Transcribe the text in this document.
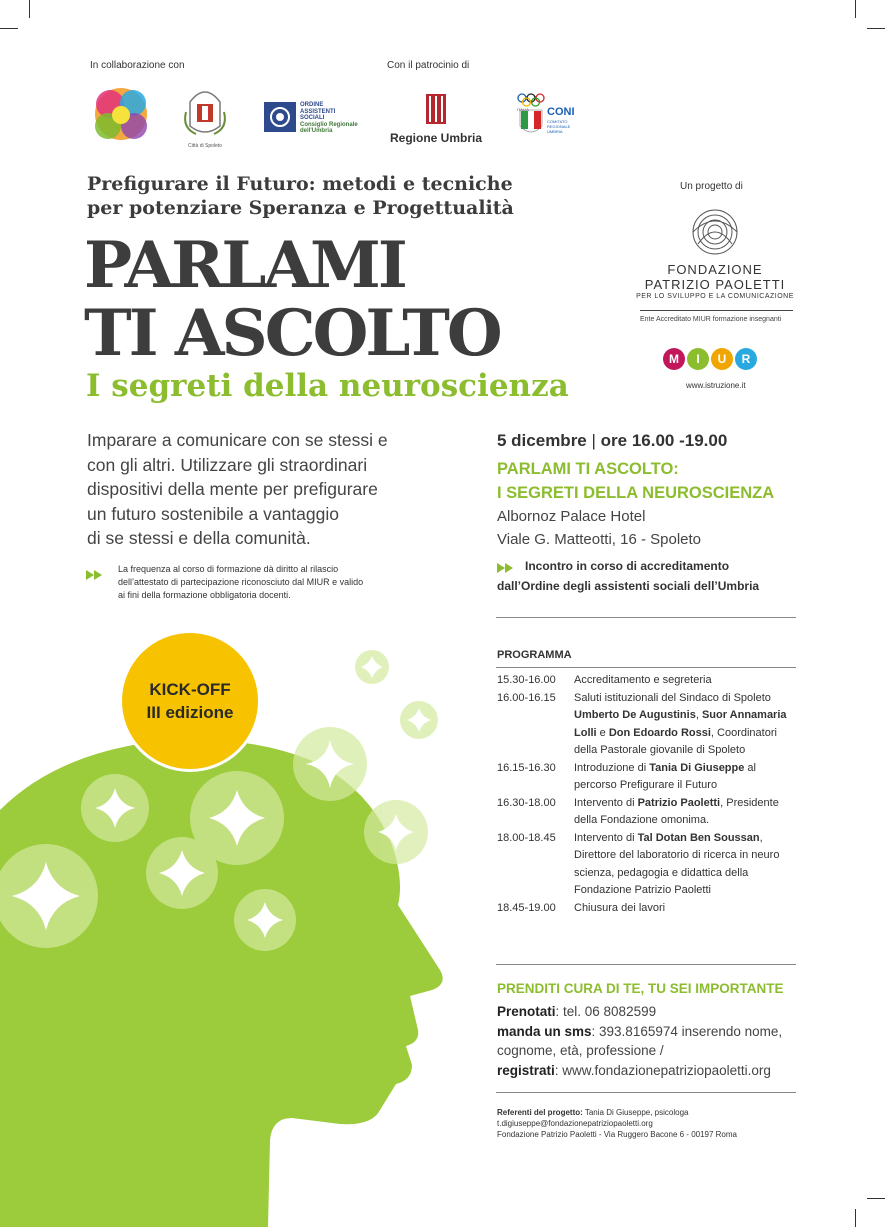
In collaborazione con	Con il patrocinio di
Città di Spoleto
ORDINE
ASSISTENTI
SOCIALI
Consiglio Regionale
dell'Umbria	Regione Umbria
ITALIA CONI
COMITATO REGIONALE UMBRIA
Prefigurare il Futuro: metodi e tecniche
per potenziare Speranza e Progettualità
PARLAMI
TI ASCOLTO
I segreti della neuroscienza
Un progetto di
FONDAZIONE
PATRIZIO PAOLETTI
PER LO SVILUPPO E LA COMUNICAZIONE
Ente Accreditato MIUR formazione insegnanti
M	I	U	R
www.istruzione.it
Imparare a comunicare con se stessi e
con gli altri. Utilizzare gli straordinari
dispositivi della mente per prefigurare
un futuro sostenibile a vantaggio
di se stessi e della comunità.
La frequenza al corso di formazione dà diritto al rilascio
dell’attestato di partecipazione riconosciuto dal MIUR e valido
ai fini della formazione obbligatoria docenti.
5 dicembre | ore 16.00 -19.00
PARLAMI TI ASCOLTO:
I SEGRETI DELLA NEUROSCIENZA
Albornoz Palace Hotel
Viale G. Matteotti, 16 - Spoleto
Incontro in corso di accreditamento
dall’Ordine degli assistenti sociali dell’Umbria
KICK-OFF
III edizione
PROGRAMMA
15.30-16.00	Accreditamento e segreteria
16.00-16.15	Saluti istituzionali del Sindaco di Spoleto Umberto De Augustinis, Suor Annamaria Lolli e Don Edoardo Rossi, Coordinatori della Pastorale giovanile di Spoleto
16.15-16.30	Introduzione di Tania Di Giuseppe al percorso Prefigurare il Futuro
16.30-18.00	Intervento di Patrizio Paoletti, Presidente della Fondazione omonima.
18.00-18.45	Intervento di Tal Dotan Ben Soussan, Direttore del laboratorio di ricerca in neuro scienza, pedagogia e didattica della Fondazione Patrizio Paoletti
18.45-19.00	Chiusura dei lavori
PRENDITI CURA DI TE, TU SEI IMPORTANTE
Prenotati: tel. 06 8082599
manda un sms: 393.8165974 inserendo nome,
cognome, età, professione /
registrati: www.fondazionepatriziopaoletti.org
Referenti del progetto: Tania Di Giuseppe, psicologa
t.digiuseppe@fondazionepatriziopaoletti.org
Fondazione Patrizio Paoletti - Via Ruggero Bacone 6 - 00197 Roma
